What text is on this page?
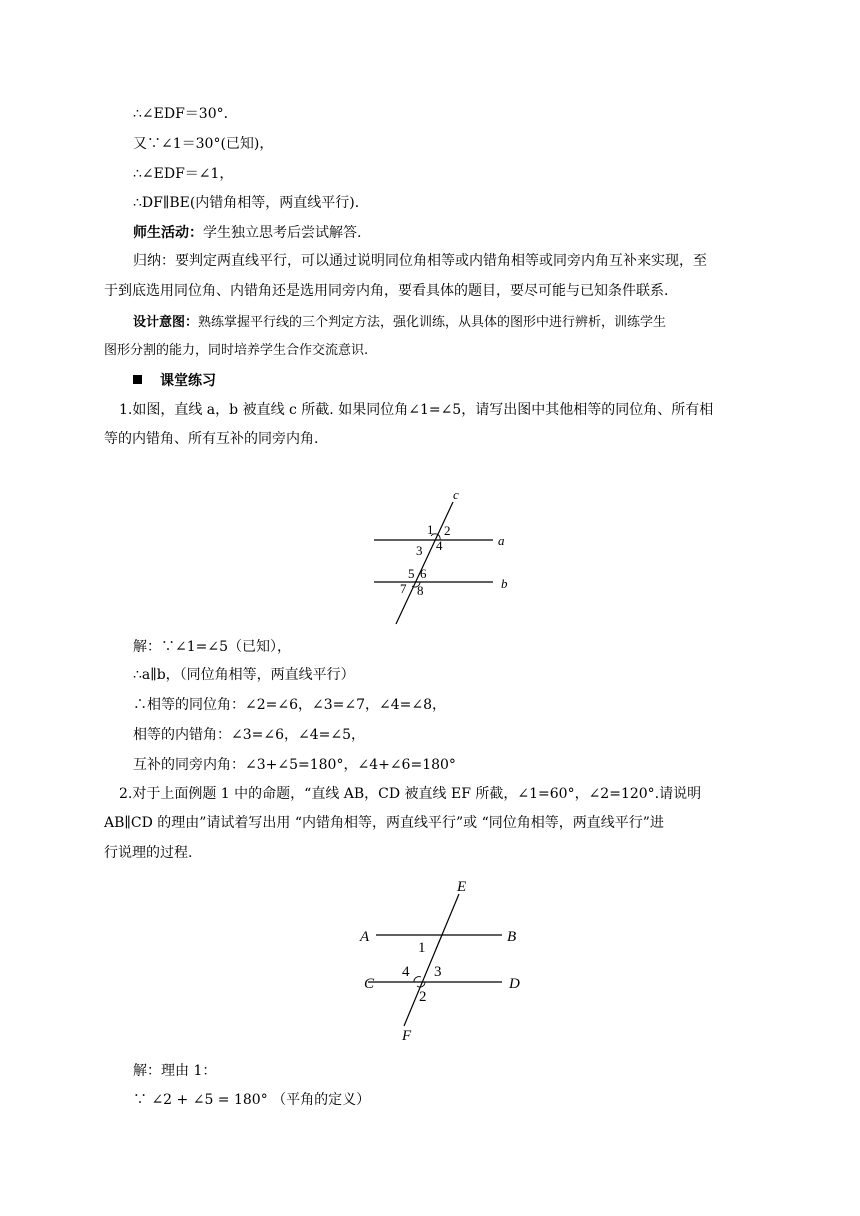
∴∠EDF＝30°．
又∵∠1＝30°(已知)，
∴∠EDF＝∠1，
∴DF∥BE(内错角相等，两直线平行)．
师生活动：学生独立思考后尝试解答.
归纳：要判定两直线平行，可以通过说明同位角相等或内错角相等或同旁内角互补来实现，至
于到底选用同位角、内错角还是选用同旁内角，要看具体的题目，要尽可能与已知条件联系.
设计意图：熟练掌握平行线的三个判定方法，强化训练，从具体的图形中进行辨析，训练学生
图形分割的能力，同时培养学生合作交流意识.
课堂练习
1.如图，直线 a，b 被直线 c 所截. 如果同位角∠1=∠5，请写出图中其他相等的同位角、所有相
等的内错角、所有互补的同旁内角.
c
a
b
1 2
3 4
5 6
7 8
解：∵∠1=∠5（已知），
∴a∥b，（同位角相等，两直线平行）
∴相等的同位角：∠2=∠6，∠3=∠7，∠4=∠8，
相等的内错角：∠3=∠6，∠4=∠5，
互补的同旁内角：∠3+∠5=180°，∠4+∠6=180°
2.对于上面例题 1 中的命题，“直线 AB，CD 被直线 EF 所截，∠1=60°，∠2=120°.请说明
AB∥CD 的理由”请试着写出用 “内错角相等，两直线平行”或 “同位角相等，两直线平行”进
行说理的过程.
E
A	B
1
C
4 3
D
2
F
解：理由 1：
∵ ∠2 + ∠5 = 180° （平角的定义）
